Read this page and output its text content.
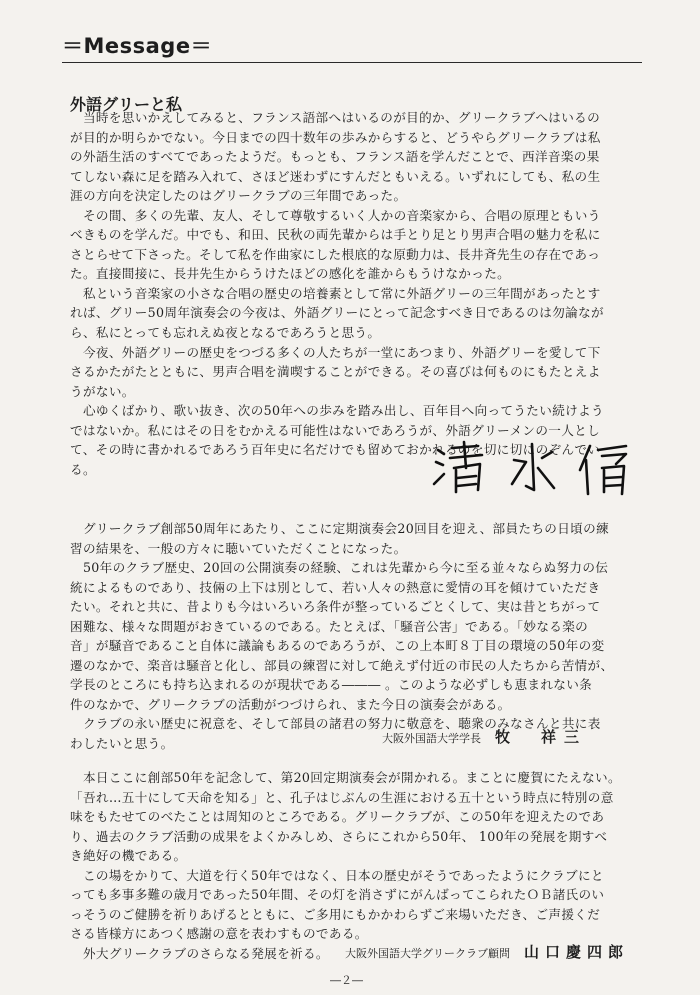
＝Message＝
外語グリーと私
　当時を思いかえしてみると、フランス語部へはいるのが目的か、グリークラブへはいるの
が目的か明らかでない。今日までの四十数年の歩みからすると、どうやらグリークラブは私
の外語生活のすべてであったようだ。もっとも、フランス語を学んだことで、西洋音楽の果
てしない森に足を踏み入れて、さほど迷わずにすんだともいえる。いずれにしても、私の生
涯の方向を決定したのはグリークラブの三年間であった。
　その間、多くの先輩、友人、そして尊敬するいく人かの音楽家から、合唱の原理ともいう
べきものを学んだ。中でも、和田、民秋の両先輩からは手とり足とり男声合唱の魅力を私に
さとらせて下さった。そして私を作曲家にした根底的な原動力は、長井斉先生の存在であっ
た。直接間接に、長井先生からうけたほどの感化を誰からもうけなかった。
　私という音楽家の小さな合唱の歴史の培養素として常に外語グリーの三年間があったとす
れば、グリー50周年演奏会の今夜は、外語グリーにとって記念すべき日であるのは勿論なが
ら、私にとっても忘れえぬ夜となるであろうと思う。
　今夜、外語グリーの歴史をつづる多くの人たちが一堂にあつまり、外語グリーを愛して下
さるかたがたとともに、男声合唱を満喫することができる。その喜びは何ものにもたとえよ
うがない。
　心ゆくばかり、歌い抜き、次の50年への歩みを踏み出し、百年目へ向ってうたい続けよう
ではないか。私にはその日をむかえる可能性はないであろうが、外語グリーメンの一人とし
て、その時に書かれるであろう百年史に名だけでも留めておかれるのを切に切にのぞんでい
る。
　グリークラブ創部50周年にあたり、ここに定期演奏会20回目を迎え、部員たちの日頃の練
習の結果を、一般の方々に聴いていただくことになった。
　50年のクラブ歴史、20回の公開演奏の経験、これは先輩から今に至る並々ならぬ努力の伝
統によるものであり、技倆の上下は別として、若い人々の熱意に愛情の耳を傾けていただき
たい。それと共に、昔よりも今はいろいろ条件が整っているごとくして、実は昔とちがって
困難な、様々な問題がおきているのである。たとえば、「騒音公害」である。「妙なる楽の
音」が騒音であること自体に議論もあるのであろうが、この上本町８丁目の環境の50年の変
遷のなかで、楽音は騒音と化し、部員の練習に対して絶えず付近の市民の人たちから苦情が、
学長のところにも持ち込まれるのが現状である――― 。このような必ずしも恵まれない条
件のなかで、グリークラブの活動がつづけられ、また今日の演奏会がある。
　クラブの永い歴史に祝意を、そして部員の諸君の努力に敬意を、聴衆のみなさんと共に表
わしたいと思う。	大阪外国語大学学長 牧　祥三
　本日ここに創部50年を記念して、第20回定期演奏会が開かれる。まことに慶賀にたえない。
「吾れ…五十にして天命を知る」と、孔子はじぶんの生涯における五十という時点に特別の意
味をもたせてのべたことは周知のところである。グリークラブが、この50年を迎えたのであ
り、過去のクラブ活動の成果をよくかみしめ、さらにこれから50年、 100年の発展を期すべ
き絶好の機である。
　この場をかりて、大道を行く50年ではなく、日本の歴史がそうであったようにクラブにと
っても多事多難の歳月であった50年間、その灯を消さずにがんばってこられたＯＢ諸氏のい
っそうのご健勝を祈りあげるとともに、ご多用にもかかわらずご来場いただき、ご声援くだ
さる皆様方にあつく感謝の意を表わすものである。
　外大グリークラブのさらなる発展を祈る。	大阪外国語大学グリークラブ顧問 山口慶四郎
―２―
